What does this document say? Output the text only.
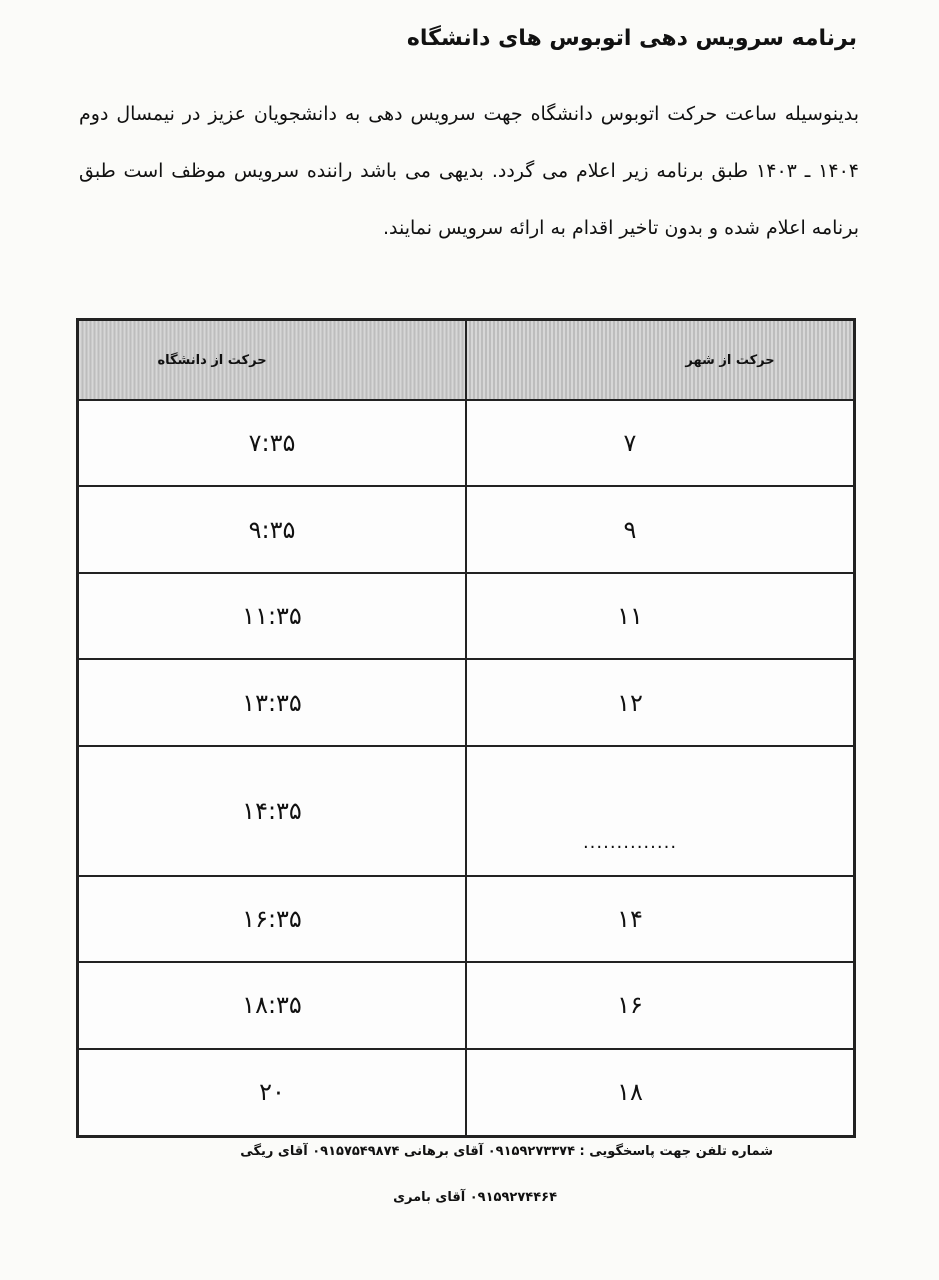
برنامه سرویس دهی اتوبوس های دانشگاه

بدینوسیله ساعت حرکت اتوبوس دانشگاه جهت سرویس دهی به دانشجویان عزیز در نیمسال دوم ۱۴۰۴ ـ ۱۴۰۳ طبق برنامه زیر اعلام می گردد. بدیهی می باشد راننده سرویس موظف است طبق برنامه اعلام شده و بدون تاخیر اقدام به ارائه سرویس نمایند.

حرکت از شهر	حرکت از دانشگاه
۷	۷:۳۵
۹	۹:۳۵
۱۱	۱۱:۳۵
۱۲	۱۳:۳۵
..............	۱۴:۳۵
۱۴	۱۶:۳۵
۱۶	۱۸:۳۵
۱۸	۲۰

شماره تلفن جهت پاسخگویی : ۰۹۱۵۹۲۷۳۳۷۴ آقای برهانی ۰۹۱۵۷۵۴۹۸۷۴ آقای ریگی

۰۹۱۵۹۲۷۴۴۶۴ آقای بامری
